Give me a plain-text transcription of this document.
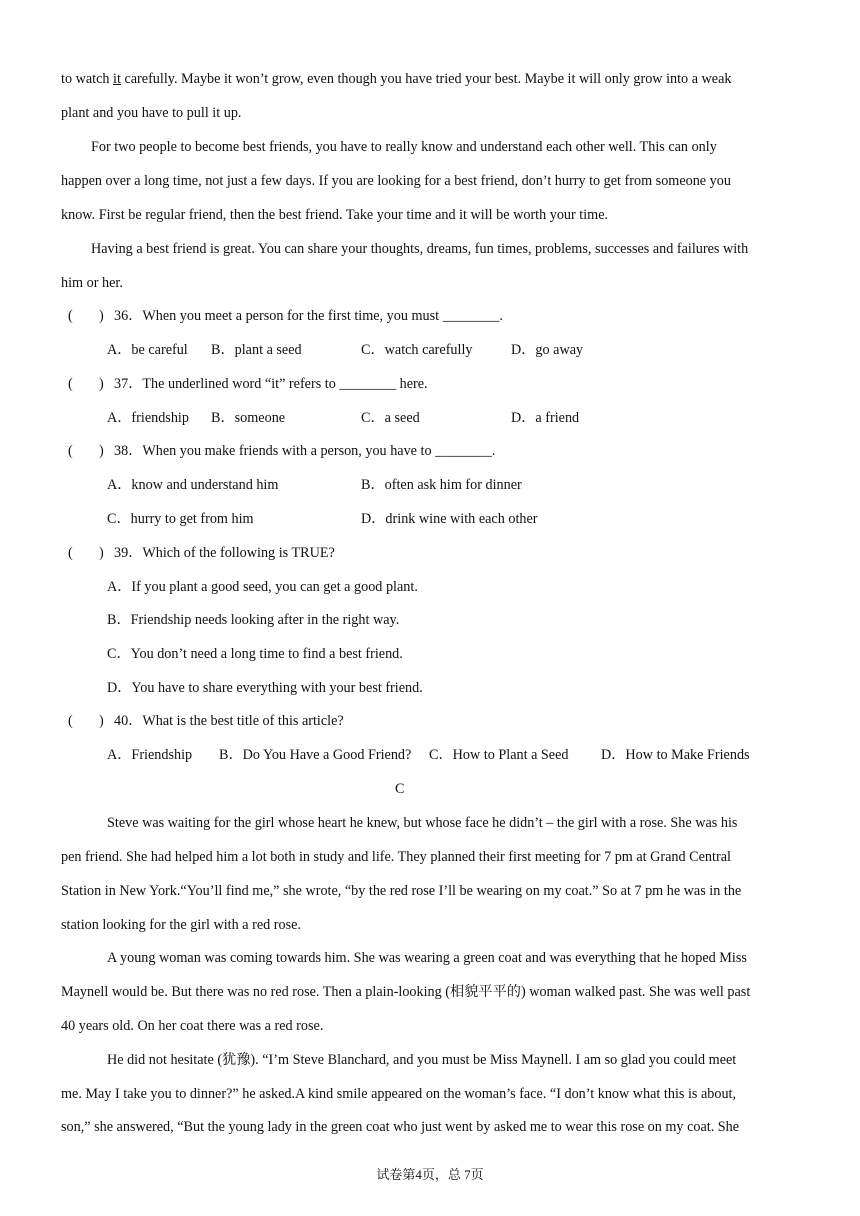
to watch it carefully. Maybe it won’t grow, even though you have tried your best. Maybe it will only grow into a weak
plant and you have to pull it up.
For two people to become best friends, you have to really know and understand each other well. This can only
happen over a long time, not just a few days. If you are looking for a best friend, don’t hurry to get from someone you
know. First be regular friend, then the best friend. Take your time and it will be worth your time.
Having a best friend is great. You can share your thoughts, dreams, fun times, problems, successes and failures with
him or her.
( ) 36．When you meet a person for the first time, you must ________.
A．be careful B．plant a seed	C．watch carefully	D．go away
( ) 37．The underlined word “it” refers to ________ here.
A．friendship B．someone	C．a seed	D．a friend
( ) 38．When you make friends with a person, you have to ________.
A．know and understand him	B．often ask him for dinner
C．hurry to get from him	D．drink wine with each other
( ) 39．Which of the following is TRUE?
A．If you plant a good seed, you can get a good plant.
B．Friendship needs looking after in the right way.
C．You don’t need a long time to find a best friend.
D．You have to share everything with your best friend.
( ) 40．What is the best title of this article?
A．Friendship B．Do You Have a Good Friend? C．How to Plant a Seed D．How to Make Friends
C
Steve was waiting for the girl whose heart he knew, but whose face he didn’t – the girl with a rose. She was his
pen friend. She had helped him a lot both in study and life. They planned their first meeting for 7 pm at Grand Central
Station in New York.“You’ll find me,” she wrote, “by the red rose I’ll be wearing on my coat.” So at 7 pm he was in the
station looking for the girl with a red rose.
A young woman was coming towards him. She was wearing a green coat and was everything that he hoped Miss
Maynell would be. But there was no red rose. Then a plain-looking (相貌平平的) woman walked past. She was well past
40 years old. On her coat there was a red rose.
He did not hesitate (犹豫). “I’m Steve Blanchard, and you must be Miss Maynell. I am so glad you could meet
me. May I take you to dinner?” he asked.A kind smile appeared on the woman’s face. “I don’t know what this is about,
son,” she answered, “But the young lady in the green coat who just went by asked me to wear this rose on my coat. She
试卷第4页，总 7页
